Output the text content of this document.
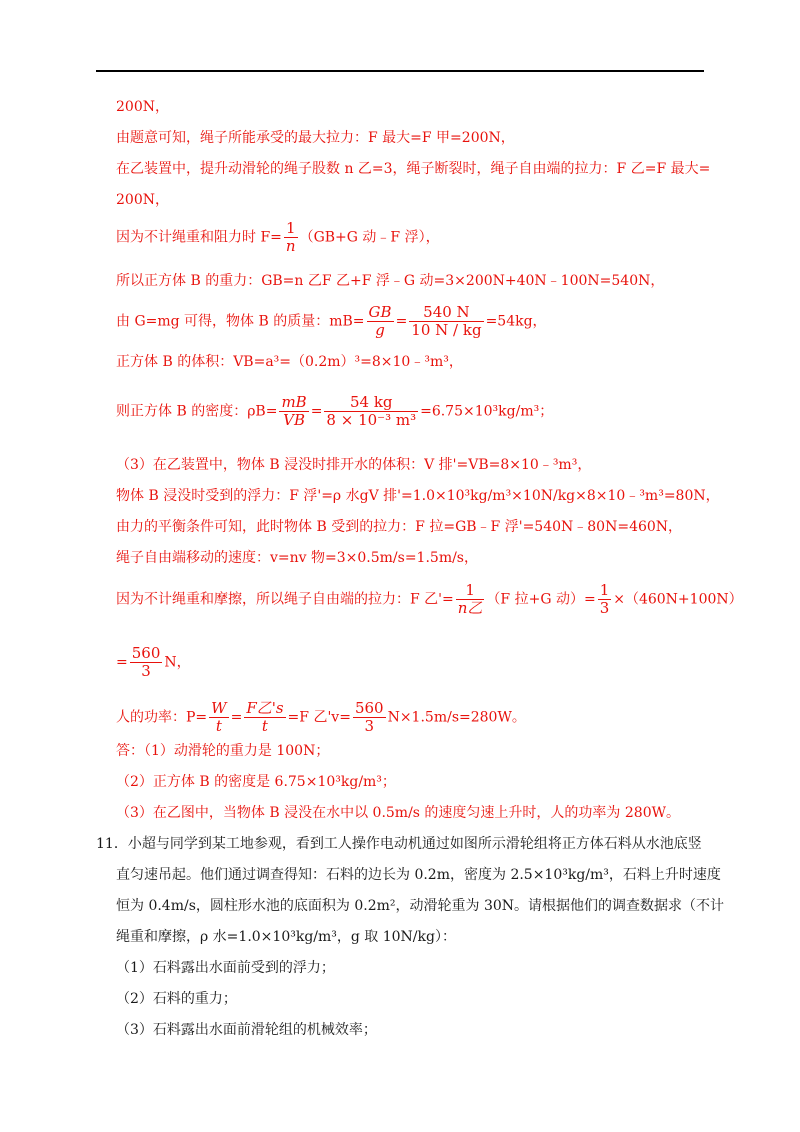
200N，
由题意可知，绳子所能承受的最大拉力：F 最大=F 甲=200N，
在乙装置中，提升动滑轮的绳子股数 n 乙=3，绳子断裂时，绳子自由端的拉力：F 乙=F 最大=
200N，
因为不计绳重和阻力时 $F= \frac{1}{n} (GB+G$ 动﹣F 浮），
所以正方体 B 的重力：GB=n 乙F 乙+F 浮﹣G 动=3×200N+40N﹣100N=540N，
由 G=mg 可得，物体 B 的质量：$mB= \frac{GB}{g} = \frac{540 N}{10 N / kg} =54kg$，
正方体 B 的体积：VB=a³=（0.2m）³=8×10﹣³m³，
则正方体 B 的密度：$\rho B= \frac{mB}{VB} = \frac{54 kg}{\text{8 × 10⁻³ m³}} =6.75\times 10^3kg/m^3$；
（3）在乙装置中，物体 B 浸没时排开水的体积：V 排'=VB=8×10﹣³m³，
物体 B 浸没时受到的浮力：F 浮'=ρ 水gV 排'=1.0×10³kg/m³×10N/kg×8×10﹣³m³=80N，
由力的平衡条件可知，此时物体 B 受到的拉力：F 拉=GB﹣F 浮'=540N﹣80N=460N，
绳子自由端移动的速度：v=nv 物=3×0.5m/s=1.5m/s，
因为不计绳重和摩擦，所以绳子自由端的拉力：F 乙'= $\frac{1}{\text{n乙}} (F$ 拉+G 动）= $\frac{1}{3} \times(460N+100N)$
= $\frac{560}{3}$ N，
人的功率：$P= \frac{W}{t} = \frac{\text{F乙's}}{t} =F$ 乙'$v= \frac{560}{3} N\times 1.5m/s=280W$。
答：（1）动滑轮的重力是 100N；
（2）正方体 B 的密度是 6.75×10³kg/m³；
（3）在乙图中，当物体 B 浸没在水中以 0.5m/s 的速度匀速上升时，人的功率为 280W。
11．小超与同学到某工地参观，看到工人操作电动机通过如图所示滑轮组将正方体石料从水池底竖
直匀速吊起。他们通过调查得知：石料的边长为 0.2m，密度为 2.5×10³kg/m³，石料上升时速度
恒为 0.4m/s，圆柱形水池的底面积为 0.2m²，动滑轮重为 30N。请根据他们的调查数据求（不计
绳重和摩擦，ρ 水=1.0×10³kg/m³，g 取 10N/kg）：
（1）石料露出水面前受到的浮力；
（2）石料的重力；
（3）石料露出水面前滑轮组的机械效率；
